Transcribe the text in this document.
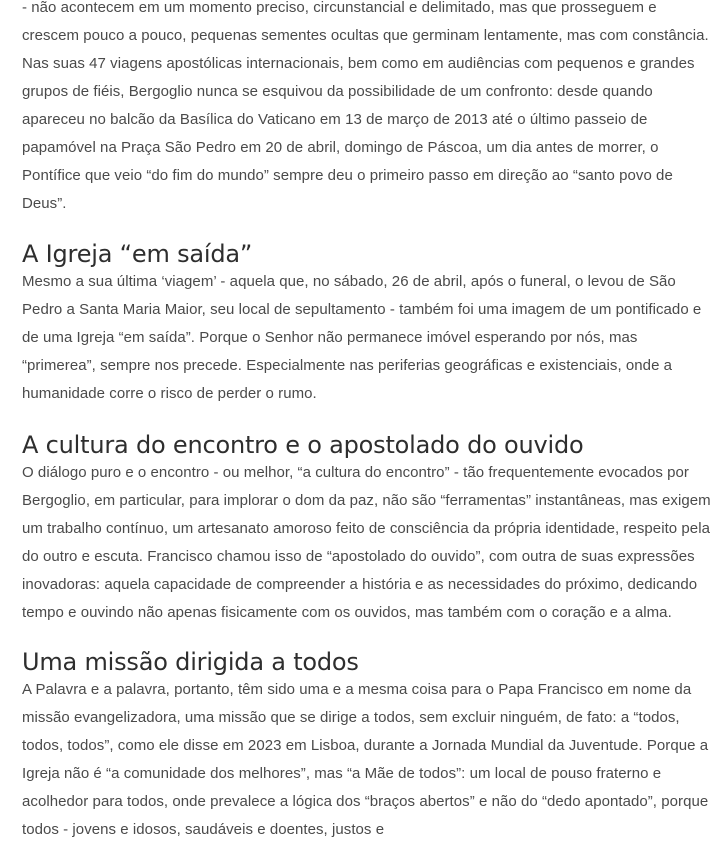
- não acontecem em um momento preciso, circunstancial e delimitado, mas que prosseguem e crescem pouco a pouco, pequenas sementes ocultas que germinam lentamente, mas com constância. Nas suas 47 viagens apostólicas internacionais, bem como em audiências com pequenos e grandes grupos de fiéis, Bergoglio nunca se esquivou da possibilidade de um confronto: desde quando apareceu no balcão da Basílica do Vaticano em 13 de março de 2013 até o último passeio de papamóvel na Praça São Pedro em 20 de abril, domingo de Páscoa, um dia antes de morrer, o Pontífice que veio “do fim do mundo” sempre deu o primeiro passo em direção ao “santo povo de Deus”.

A Igreja “em saída”

Mesmo a sua última ‘viagem’ - aquela que, no sábado, 26 de abril, após o funeral, o levou de São Pedro a Santa Maria Maior, seu local de sepultamento - também foi uma imagem de um pontificado e de uma Igreja “em saída”. Porque o Senhor não permanece imóvel esperando por nós, mas “primerea”, sempre nos precede. Especialmente nas periferias geográficas e existenciais, onde a humanidade corre o risco de perder o rumo.

A cultura do encontro e o apostolado do ouvido

O diálogo puro e o encontro - ou melhor, “a cultura do encontro” - tão frequentemente evocados por Bergoglio, em particular, para implorar o dom da paz, não são “ferramentas” instantâneas, mas exigem um trabalho contínuo, um artesanato amoroso feito de consciência da própria identidade, respeito pela do outro e escuta. Francisco chamou isso de “apostolado do ouvido”, com outra de suas expressões inovadoras: aquela capacidade de compreender a história e as necessidades do próximo, dedicando tempo e ouvindo não apenas fisicamente com os ouvidos, mas também com o coração e a alma.

Uma missão dirigida a todos

A Palavra e a palavra, portanto, têm sido uma e a mesma coisa para o Papa Francisco em nome da missão evangelizadora, uma missão que se dirige a todos, sem excluir ninguém, de fato: a “todos, todos, todos”, como ele disse em 2023 em Lisboa, durante a Jornada Mundial da Juventude. Porque a Igreja não é “a comunidade dos melhores”, mas “a Mãe de todos”: um local de pouso fraterno e acolhedor para todos, onde prevalece a lógica dos “braços abertos” e não do “dedo apontado”, porque todos - jovens e idosos, saudáveis e doentes, justos e
